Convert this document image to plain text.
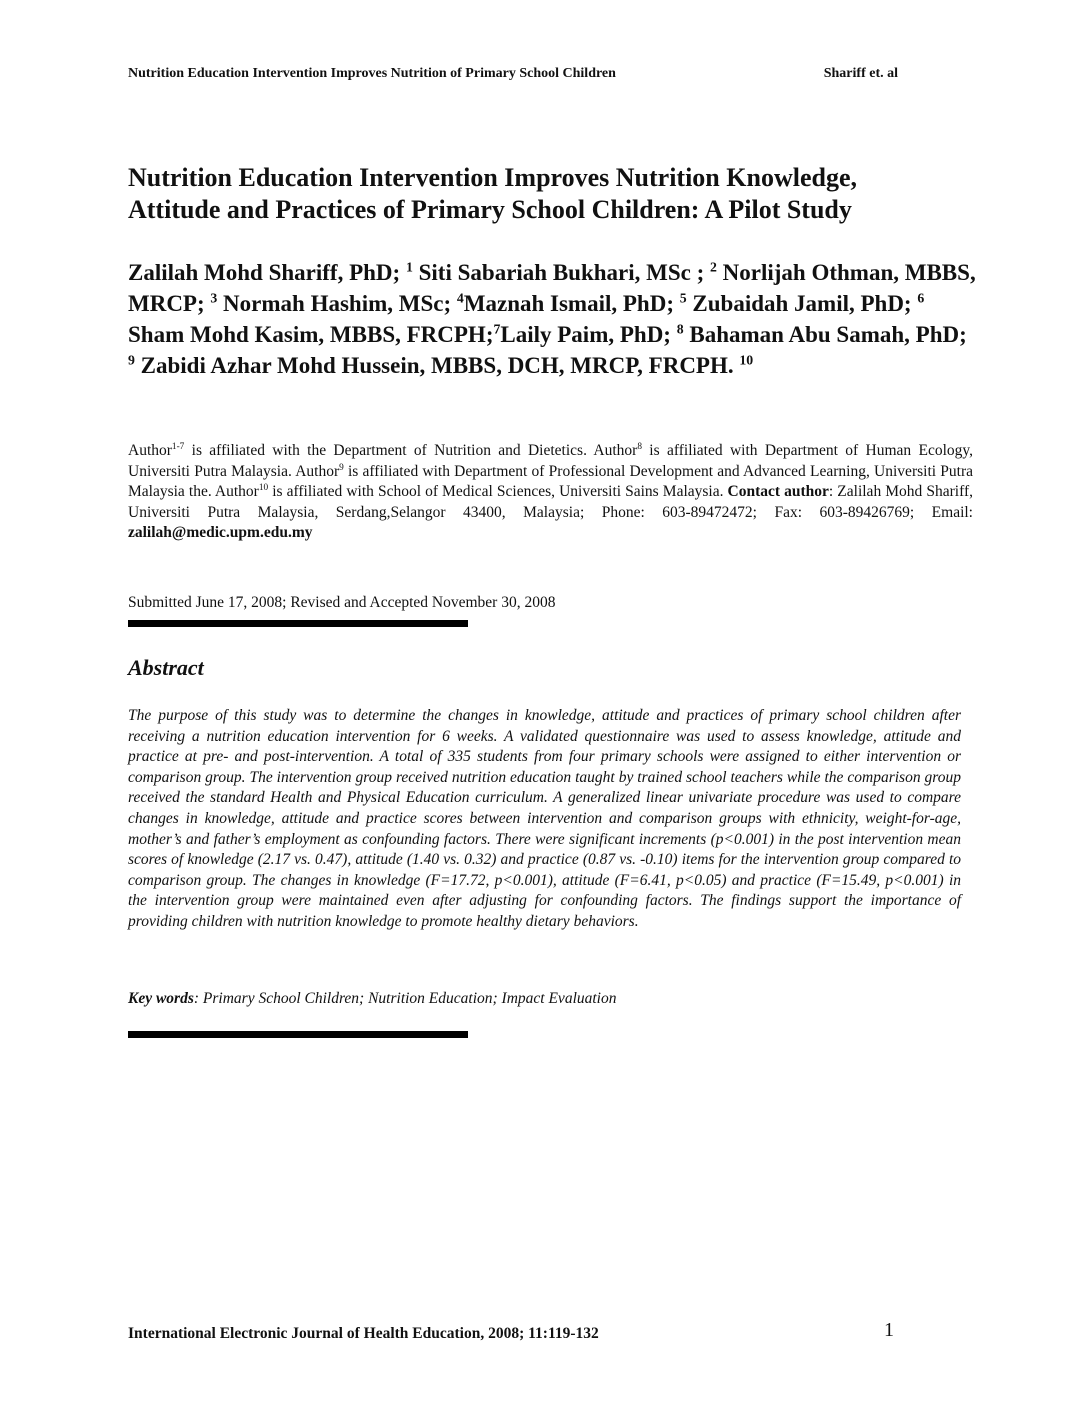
Nutrition Education Intervention Improves Nutrition of Primary School Children	Shariff et. al
Nutrition Education Intervention Improves Nutrition Knowledge,
Attitude and Practices of Primary School Children: A Pilot Study
Zalilah Mohd Shariff, PhD; $^1$ Siti Sabariah Bukhari, MSc ; $^2$ Norlijah Othman, MBBS, MRCP; $^3$ Normah Hashim, MSc; $^4$Maznah Ismail, PhD; $^5$ Zubaidah Jamil, PhD; $^6$ Sham Mohd Kasim, MBBS, FRCPH;$^7$Laily Paim, PhD; $^8$ Bahaman Abu Samah, PhD; $^9$ Zabidi Azhar Mohd Hussein, MBBS, DCH, MRCP, FRCPH. $^{10}$
Author$^{1-7}$ is affiliated with the Department of Nutrition and Dietetics. Author$^8$ is affiliated with Department of Human Ecology, Universiti Putra Malaysia. Author$^9$ is affiliated with Department of Professional Development and Advanced Learning, Universiti Putra Malaysia the. Author$^{10}$ is affiliated with School of Medical Sciences, Universiti Sains Malaysia. Contact author: Zalilah Mohd Shariff, Universiti Putra Malaysia, Serdang,Selangor 43400, Malaysia; Phone: 603-89472472; Fax: 603-89426769; Email: zalilah@medic.upm.edu.my
Submitted June 17, 2008; Revised and Accepted November 30, 2008
Abstract
The purpose of this study was to determine the changes in knowledge, attitude and practices of primary school children after receiving a nutrition education intervention for 6 weeks. A validated questionnaire was used to assess knowledge, attitude and practice at pre- and post-intervention. A total of 335 students from four primary schools were assigned to either intervention or comparison group. The intervention group received nutrition education taught by trained school teachers while the comparison group received the standard Health and Physical Education curriculum. A generalized linear univariate procedure was used to compare changes in knowledge, attitude and practice scores between intervention and comparison groups with ethnicity, weight-for-age, mother’s and father’s employment as confounding factors. There were significant increments (p<0.001) in the post intervention mean scores of knowledge (2.17 vs. 0.47), attitude (1.40 vs. 0.32) and practice (0.87 vs. -0.10) items for the intervention group compared to comparison group. The changes in knowledge (F=17.72, p<0.001), attitude (F=6.41, p<0.05) and practice (F=15.49, p<0.001) in the intervention group were maintained even after adjusting for confounding factors. The findings support the importance of providing children with nutrition knowledge to promote healthy dietary behaviors.
Key words: Primary School Children; Nutrition Education; Impact Evaluation
International Electronic Journal of Health Education, 2008; 11:119-132	1
